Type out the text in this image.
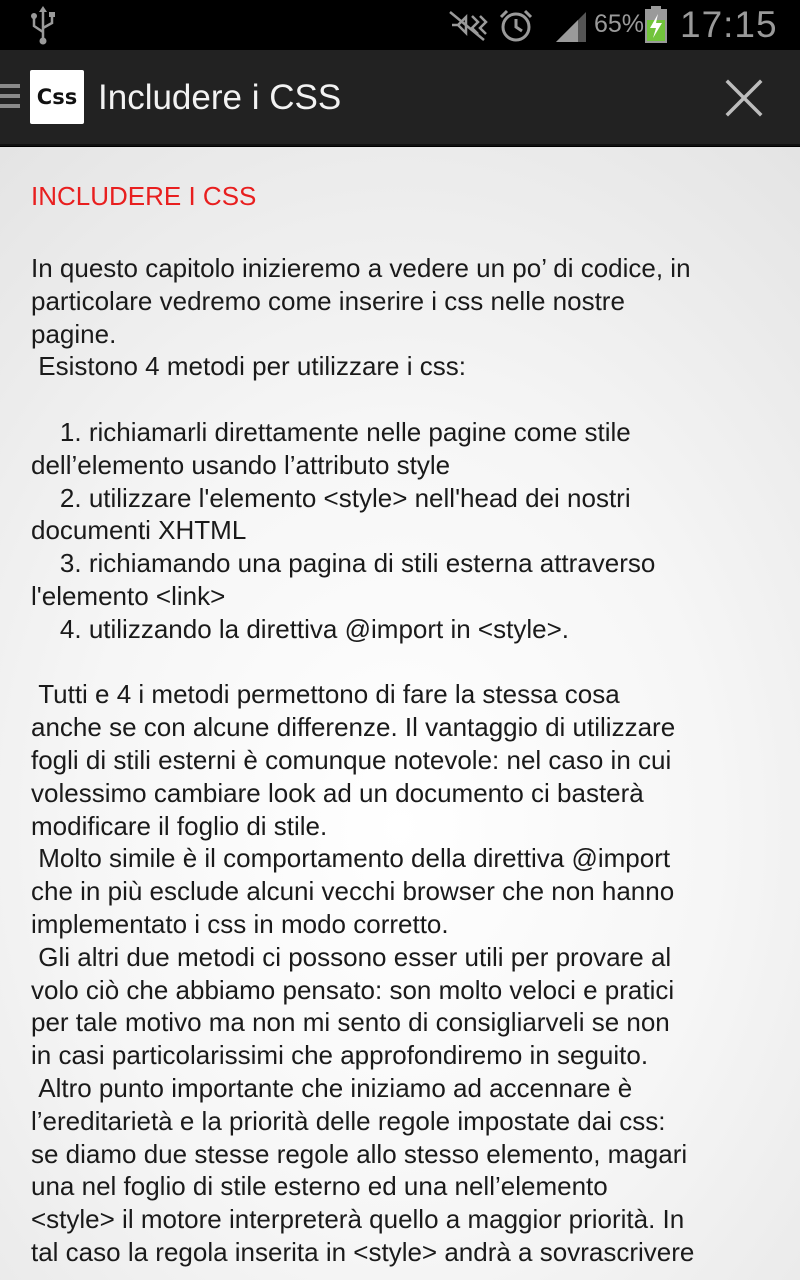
65% 17:15
Css Includere i CSS
INCLUDERE I CSS

In questo capitolo inizieremo a vedere un po’ di codice, in

particolare vedremo come inserire i css nelle nostre

pagine.

Esistono 4 metodi per utilizzare i css:

1. richiamarli direttamente nelle pagine come stile

dell’elemento usando l’attributo style

2. utilizzare l'elemento <style> nell'head dei nostri

documenti XHTML

3. richiamando una pagina di stili esterna attraverso

l'elemento <link>

4. utilizzando la direttiva @import in <style>.

Tutti e 4 i metodi permettono di fare la stessa cosa

anche se con alcune differenze. Il vantaggio di utilizzare

fogli di stili esterni è comunque notevole: nel caso in cui

volessimo cambiare look ad un documento ci basterà

modificare il foglio di stile.

Molto simile è il comportamento della direttiva @import

che in più esclude alcuni vecchi browser che non hanno

implementato i css in modo corretto.

Gli altri due metodi ci possono esser utili per provare al

volo ciò che abbiamo pensato: son molto veloci e pratici

per tale motivo ma non mi sento di consigliarveli se non

in casi particolarissimi che approfondiremo in seguito.

Altro punto importante che iniziamo ad accennare è

l’ereditarietà e la priorità delle regole impostate dai css:

se diamo due stesse regole allo stesso elemento, magari

una nel foglio di stile esterno ed una nell’elemento

<style> il motore interpreterà quello a maggior priorità. In

tal caso la regola inserita in <style> andrà a sovrascrivere
